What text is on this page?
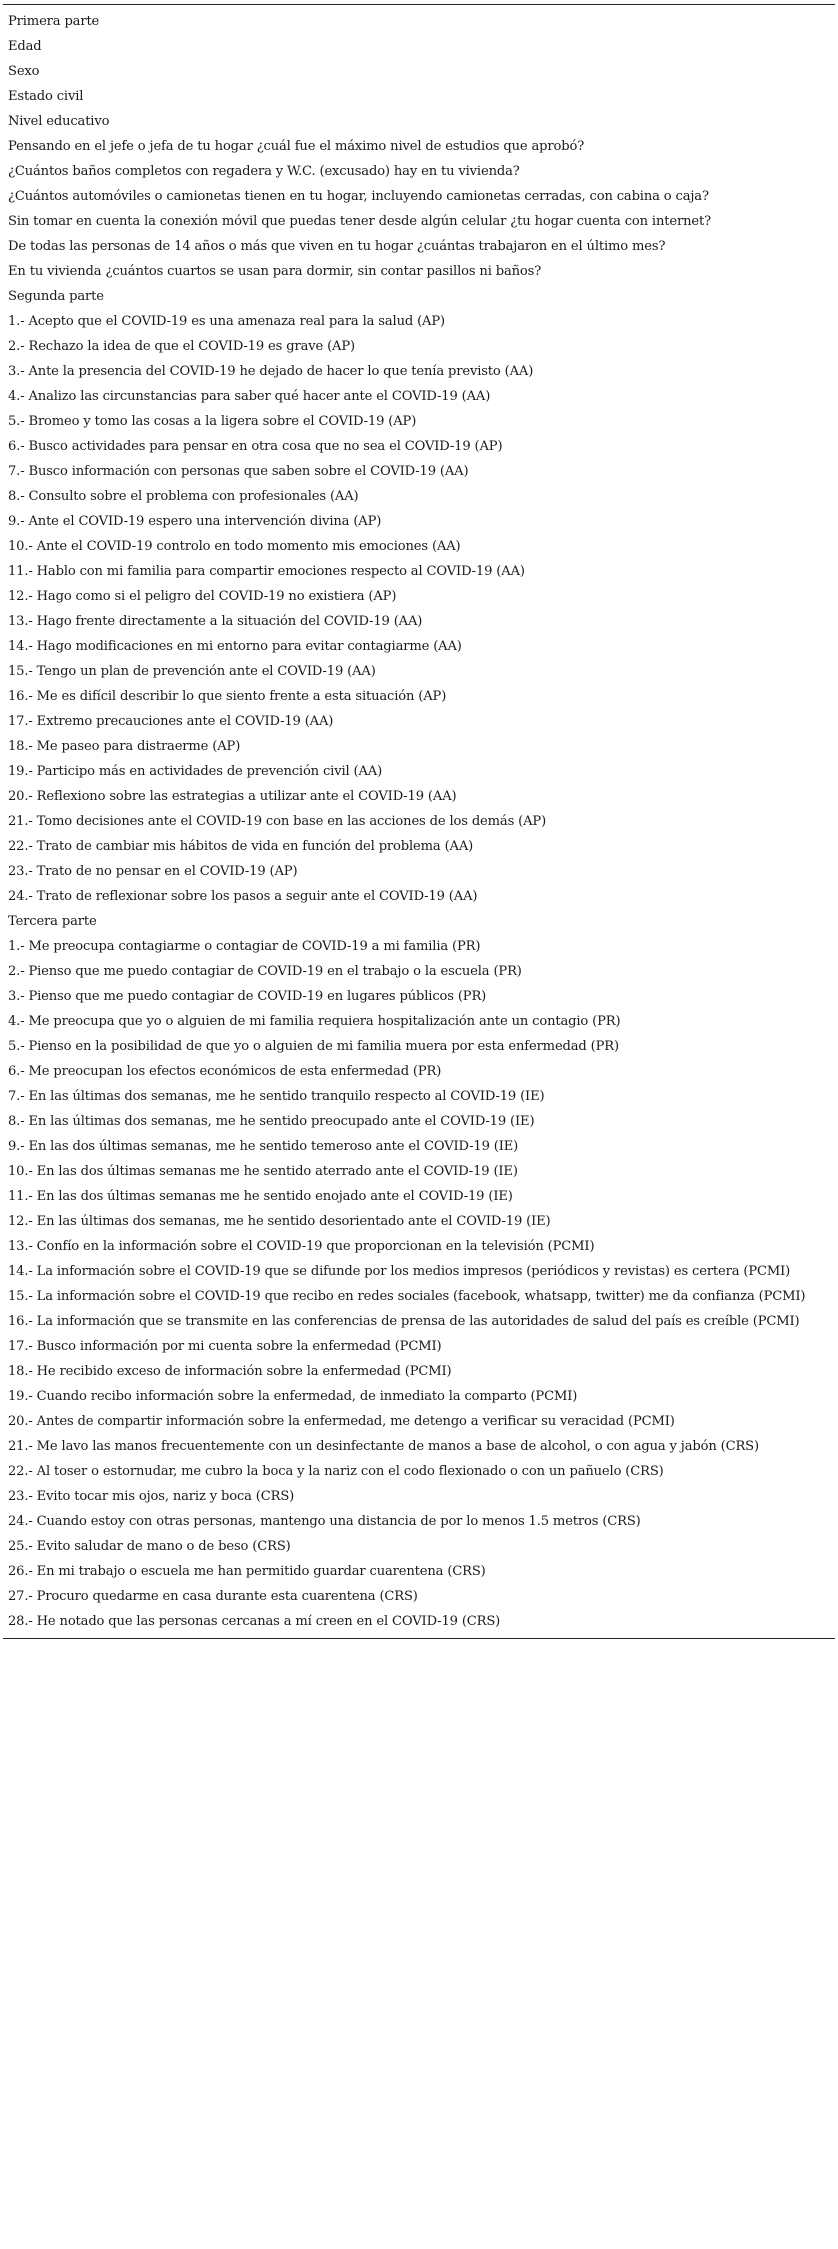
Primera parte
Edad
Sexo
Estado civil
Nivel educativo
Pensando en el jefe o jefa de tu hogar ¿cuál fue el máximo nivel de estudios que aprobó?
¿Cuántos baños completos con regadera y W.C. (excusado) hay en tu vivienda?
¿Cuántos automóviles o camionetas tienen en tu hogar, incluyendo camionetas cerradas, con cabina o caja?
Sin tomar en cuenta la conexión móvil que puedas tener desde algún celular ¿tu hogar cuenta con internet?
De todas las personas de 14 años o más que viven en tu hogar ¿cuántas trabajaron en el último mes?
En tu vivienda ¿cuántos cuartos se usan para dormir, sin contar pasillos ni baños?
Segunda parte
1.- Acepto que el COVID-19 es una amenaza real para la salud (AP)
2.- Rechazo la idea de que el COVID-19 es grave (AP)
3.- Ante la presencia del COVID-19 he dejado de hacer lo que tenía previsto (AA)
4.- Analizo las circunstancias para saber qué hacer ante el COVID-19 (AA)
5.- Bromeo y tomo las cosas a la ligera sobre el COVID-19 (AP)
6.- Busco actividades para pensar en otra cosa que no sea el COVID-19 (AP)
7.- Busco información con personas que saben sobre el COVID-19 (AA)
8.- Consulto sobre el problema con profesionales (AA)
9.- Ante el COVID-19 espero una intervención divina (AP)
10.- Ante el COVID-19 controlo en todo momento mis emociones (AA)
11.- Hablo con mi familia para compartir emociones respecto al COVID-19 (AA)
12.- Hago como si el peligro del COVID-19 no existiera (AP)
13.- Hago frente directamente a la situación del COVID-19 (AA)
14.- Hago modificaciones en mi entorno para evitar contagiarme (AA)
15.- Tengo un plan de prevención ante el COVID-19 (AA)
16.- Me es difícil describir lo que siento frente a esta situación (AP)
17.- Extremo precauciones ante el COVID-19 (AA)
18.- Me paseo para distraerme (AP)
19.- Participo más en actividades de prevención civil (AA)
20.- Reflexiono sobre las estrategias a utilizar ante el COVID-19 (AA)
21.- Tomo decisiones ante el COVID-19 con base en las acciones de los demás (AP)
22.- Trato de cambiar mis hábitos de vida en función del problema (AA)
23.- Trato de no pensar en el COVID-19 (AP)
24.- Trato de reflexionar sobre los pasos a seguir ante el COVID-19 (AA)
Tercera parte
1.- Me preocupa contagiarme o contagiar de COVID-19 a mi familia (PR)
2.- Pienso que me puedo contagiar de COVID-19 en el trabajo o la escuela (PR)
3.- Pienso que me puedo contagiar de COVID-19 en lugares públicos (PR)
4.- Me preocupa que yo o alguien de mi familia requiera hospitalización ante un contagio (PR)
5.- Pienso en la posibilidad de que yo o alguien de mi familia muera por esta enfermedad (PR)
6.- Me preocupan los efectos económicos de esta enfermedad (PR)
7.- En las últimas dos semanas, me he sentido tranquilo respecto al COVID-19 (IE)
8.- En las últimas dos semanas, me he sentido preocupado ante el COVID-19 (IE)
9.- En las dos últimas semanas, me he sentido temeroso ante el COVID-19 (IE)
10.- En las dos últimas semanas me he sentido aterrado ante el COVID-19 (IE)
11.- En las dos últimas semanas me he sentido enojado ante el COVID-19 (IE)
12.- En las últimas dos semanas, me he sentido desorientado ante el COVID-19 (IE)
13.- Confío en la información sobre el COVID-19 que proporcionan en la televisión (PCMI)
14.- La información sobre el COVID-19 que se difunde por los medios impresos (periódicos y revistas) es certera (PCMI)
15.- La información sobre el COVID-19 que recibo en redes sociales (facebook, whatsapp, twitter) me da confianza (PCMI)
16.- La información que se transmite en las conferencias de prensa de las autoridades de salud del país es creíble (PCMI)
17.- Busco información por mi cuenta sobre la enfermedad (PCMI)
18.- He recibido exceso de información sobre la enfermedad (PCMI)
19.- Cuando recibo información sobre la enfermedad, de inmediato la comparto (PCMI)
20.- Antes de compartir información sobre la enfermedad, me detengo a verificar su veracidad (PCMI)
21.- Me lavo las manos frecuentemente con un desinfectante de manos a base de alcohol, o con agua y jabón (CRS)
22.- Al toser o estornudar, me cubro la boca y la nariz con el codo flexionado o con un pañuelo (CRS)
23.- Evito tocar mis ojos, nariz y boca (CRS)
24.- Cuando estoy con otras personas, mantengo una distancia de por lo menos 1.5 metros (CRS)
25.- Evito saludar de mano o de beso (CRS)
26.- En mi trabajo o escuela me han permitido guardar cuarentena (CRS)
27.- Procuro quedarme en casa durante esta cuarentena (CRS)
28.- He notado que las personas cercanas a mí creen en el COVID-19 (CRS)
